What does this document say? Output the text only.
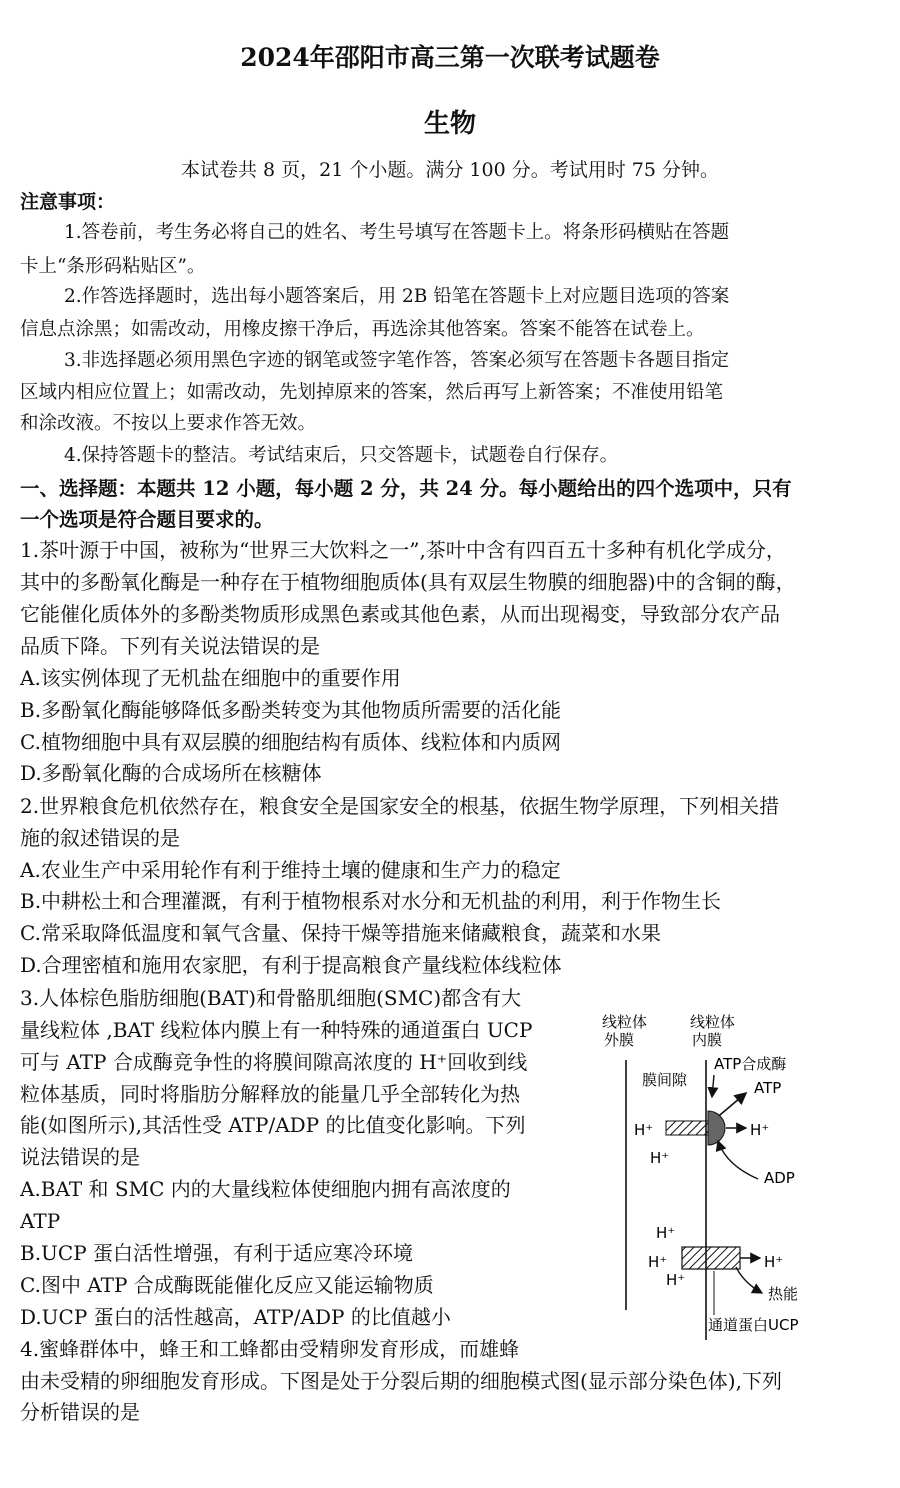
2024年邵阳市高三第一次联考试题卷
生物
本试卷共 8 页，21 个小题。满分 100 分。考试用时 75 分钟。
注意事项：
1.答卷前，考生务必将自己的姓名、考生号填写在答题卡上。将条形码横贴在答题
卡上“条形码粘贴区”。
2.作答选择题时，选出每小题答案后，用 2B 铅笔在答题卡上对应题目选项的答案
信息点涂黑；如需改动，用橡皮擦干净后，再选涂其他答案。答案不能答在试卷上。
3.非选择题必须用黑色字迹的钢笔或签字笔作答，答案必须写在答题卡各题目指定
区域内相应位置上；如需改动，先划掉原来的答案，然后再写上新答案；不准使用铅笔
和涂改液。不按以上要求作答无效。
4.保持答题卡的整洁。考试结束后，只交答题卡，试题卷自行保存。
一、选择题：本题共 12 小题，每小题 2 分，共 24 分。每小题给出的四个选项中，只有
一个选项是符合题目要求的。
1.茶叶源于中国，被称为“世界三大饮料之一”,茶叶中含有四百五十多种有机化学成分，
其中的多酚氧化酶是一种存在于植物细胞质体(具有双层生物膜的细胞器)中的含铜的酶，
它能催化质体外的多酚类物质形成黑色素或其他色素，从而出现褐变，导致部分农产品
品质下降。下列有关说法错误的是
A.该实例体现了无机盐在细胞中的重要作用
B.多酚氧化酶能够降低多酚类转变为其他物质所需要的活化能
C.植物细胞中具有双层膜的细胞结构有质体、线粒体和内质网
D.多酚氧化酶的合成场所在核糖体
2.世界粮食危机依然存在，粮食安全是国家安全的根基，依据生物学原理，下列相关措
施的叙述错误的是
A.农业生产中采用轮作有利于维持土壤的健康和生产力的稳定
B.中耕松土和合理灌溉，有利于植物根系对水分和无机盐的利用，利于作物生长
C.常采取降低温度和氧气含量、保持干燥等措施来储藏粮食，蔬菜和水果
D.合理密植和施用农家肥，有利于提高粮食产量线粒体线粒体
3.人体棕色脂肪细胞(BAT)和骨骼肌细胞(SMC)都含有大
量线粒体 ,BAT 线粒体内膜上有一种特殊的通道蛋白 UCP
可与 ATP 合成酶竞争性的将膜间隙高浓度的 H⁺回收到线
粒体基质，同时将脂肪分解释放的能量几乎全部转化为热
能(如图所示),其活性受 ATP/ADP 的比值变化影响。下列
说法错误的是
A.BAT 和 SMC 内的大量线粒体使细胞内拥有高浓度的
ATP
B.UCP 蛋白活性增强，有利于适应寒冷环境
C.图中 ATP 合成酶既能催化反应又能运输物质
D.UCP 蛋白的活性越高，ATP/ADP 的比值越小
4.蜜蜂群体中，蜂王和工蜂都由受精卵发育形成，而雄蜂
由未受精的卵细胞发育形成。下图是处于分裂后期的细胞模式图(显示部分染色体),下列
分析错误的是
线粒体
外膜
线粒体
内膜
膜间隙
ATP合成酶
ATP
H⁺	H⁺
H⁺
ADP
H⁺
H⁺
H⁺
H⁺
热能
通道蛋白UCP
